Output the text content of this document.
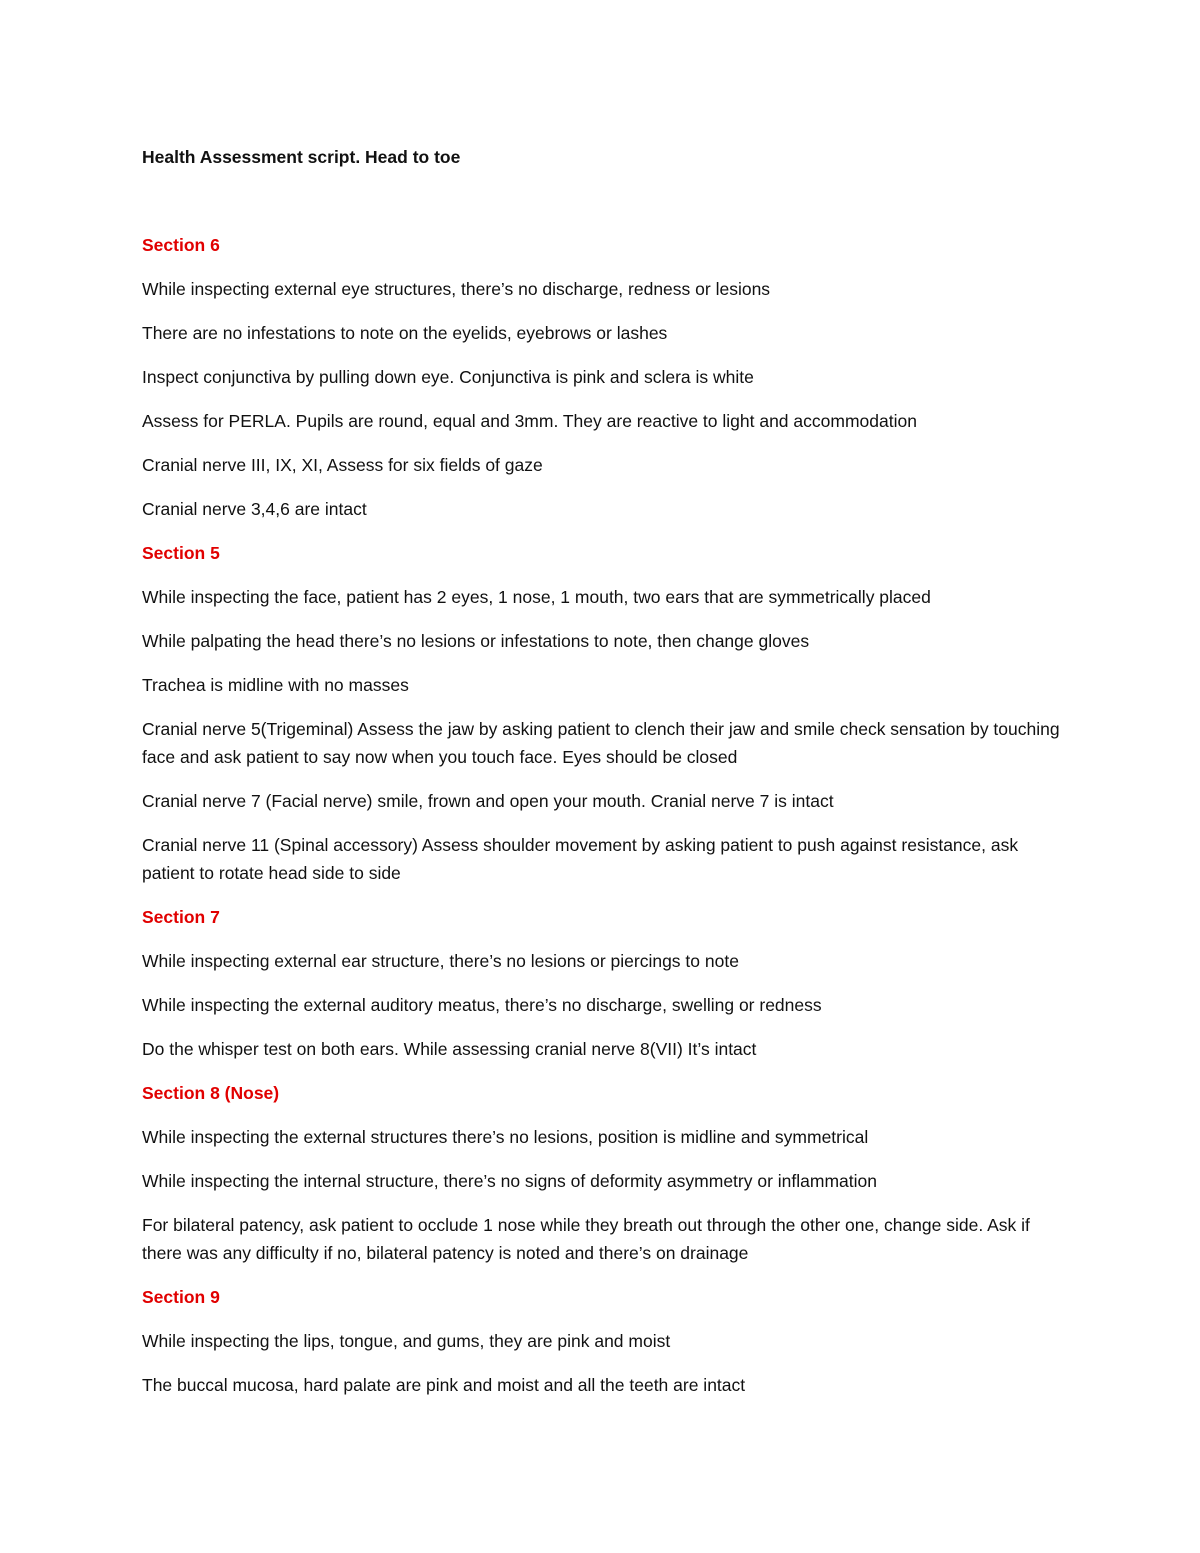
Health Assessment script. Head to toe
Section 6

While inspecting external eye structures, there’s no discharge, redness or lesions

There are no infestations to note on the eyelids, eyebrows or lashes

Inspect conjunctiva by pulling down eye. Conjunctiva is pink and sclera is white

Assess for PERLA. Pupils are round, equal and 3mm. They are reactive to light and accommodation

Cranial nerve III, IX, XI, Assess for six fields of gaze

Cranial nerve 3,4,6 are intact

Section 5

While inspecting the face, patient has 2 eyes, 1 nose, 1 mouth, two ears that are symmetrically placed

While palpating the head there’s no lesions or infestations to note, then change gloves

Trachea is midline with no masses

Cranial nerve 5(Trigeminal) Assess the jaw by asking patient to clench their jaw and smile check sensation by touching face and ask patient to say now when you touch face. Eyes should be closed

Cranial nerve 7 (Facial nerve) smile, frown and open your mouth. Cranial nerve 7 is intact

Cranial nerve 11 (Spinal accessory) Assess shoulder movement by asking patient to push against resistance, ask patient to rotate head side to side

Section 7

While inspecting external ear structure, there’s no lesions or piercings to note

While inspecting the external auditory meatus, there’s no discharge, swelling or redness

Do the whisper test on both ears. While assessing cranial nerve 8(VII) It’s intact

Section 8 (Nose)

While inspecting the external structures there’s no lesions, position is midline and symmetrical

While inspecting the internal structure, there’s no signs of deformity asymmetry or inflammation

For bilateral patency, ask patient to occlude 1 nose while they breath out through the other one, change side. Ask if there was any difficulty if no, bilateral patency is noted and there’s on drainage

Section 9

While inspecting the lips, tongue, and gums, they are pink and moist

The buccal mucosa, hard palate are pink and moist and all the teeth are intact
